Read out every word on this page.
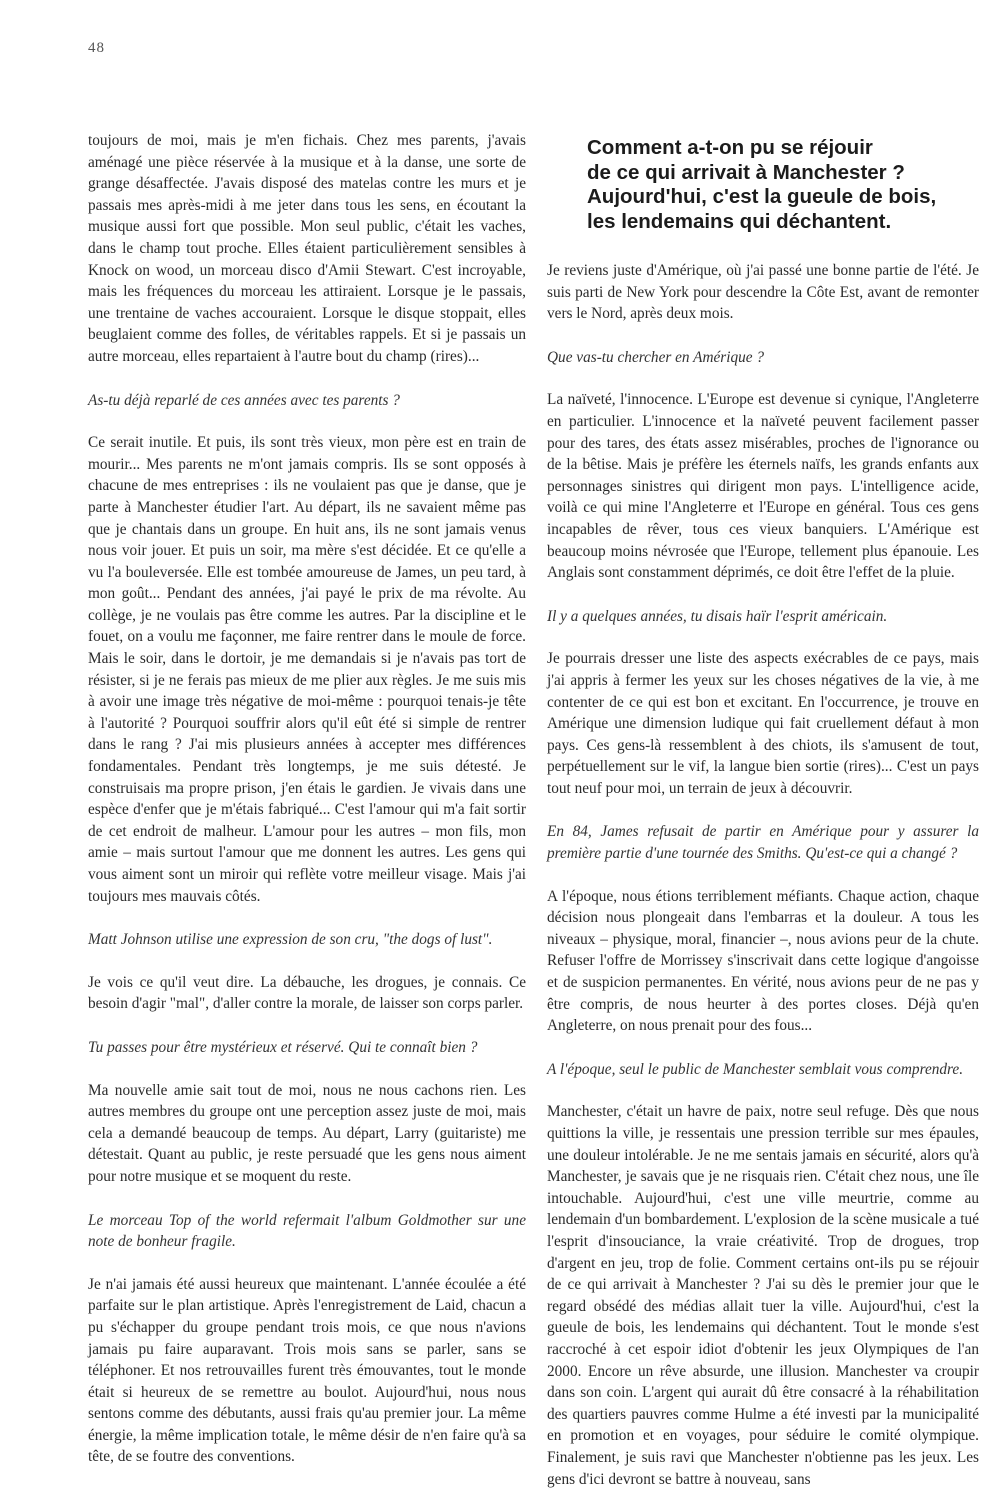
48

toujours de moi, mais je m'en fichais. Chez mes parents, j'avais aménagé une pièce réservée à la musique et à la danse, une sorte de grange désaffectée. J'avais disposé des matelas contre les murs et je passais mes après-midi à me jeter dans tous les sens, en écoutant la musique aussi fort que possible. Mon seul public, c'était les vaches, dans le champ tout proche. Elles étaient particulièrement sensibles à Knock on wood, un morceau disco d'Amii Stewart. C'est incroyable, mais les fréquences du morceau les attiraient. Lorsque je le passais, une trentaine de vaches accouraient. Lorsque le disque stoppait, elles beuglaient comme des folles, de véritables rappels. Et si je passais un autre morceau, elles repartaient à l'autre bout du champ (rires)...

As-tu déjà reparlé de ces années avec tes parents ?

Ce serait inutile. Et puis, ils sont très vieux, mon père est en train de mourir... Mes parents ne m'ont jamais compris. Ils se sont opposés à chacune de mes entreprises : ils ne voulaient pas que je danse, que je parte à Manchester étudier l'art. Au départ, ils ne savaient même pas que je chantais dans un groupe. En huit ans, ils ne sont jamais venus nous voir jouer. Et puis un soir, ma mère s'est décidée. Et ce qu'elle a vu l'a bouleversée. Elle est tombée amoureuse de James, un peu tard, à mon goût... Pendant des années, j'ai payé le prix de ma révolte. Au collège, je ne voulais pas être comme les autres. Par la discipline et le fouet, on a voulu me façonner, me faire rentrer dans le moule de force. Mais le soir, dans le dortoir, je me demandais si je n'avais pas tort de résister, si je ne ferais pas mieux de me plier aux règles. Je me suis mis à avoir une image très négative de moi-même : pourquoi tenais-je tête à l'autorité ? Pourquoi souffrir alors qu'il eût été si simple de rentrer dans le rang ? J'ai mis plusieurs années à accepter mes différences fondamentales. Pendant très longtemps, je me suis détesté. Je construisais ma propre prison, j'en étais le gardien. Je vivais dans une espèce d'enfer que je m'étais fabriqué... C'est l'amour qui m'a fait sortir de cet endroit de malheur. L'amour pour les autres – mon fils, mon amie – mais surtout l'amour que me donnent les autres. Les gens qui vous aiment sont un miroir qui reflète votre meilleur visage. Mais j'ai toujours mes mauvais côtés.

Matt Johnson utilise une expression de son cru, "the dogs of lust".

Je vois ce qu'il veut dire. La débauche, les drogues, je connais. Ce besoin d'agir "mal", d'aller contre la morale, de laisser son corps parler.

Tu passes pour être mystérieux et réservé. Qui te connaît bien ?

Ma nouvelle amie sait tout de moi, nous ne nous cachons rien. Les autres membres du groupe ont une perception assez juste de moi, mais cela a demandé beaucoup de temps. Au départ, Larry (guitariste) me détestait. Quant au public, je reste persuadé que les gens nous aiment pour notre musique et se moquent du reste.

Le morceau Top of the world refermait l'album Goldmother sur une note de bonheur fragile.

Je n'ai jamais été aussi heureux que maintenant. L'année écoulée a été parfaite sur le plan artistique. Après l'enregistrement de Laid, chacun a pu s'échapper du groupe pendant trois mois, ce que nous n'avions jamais pu faire auparavant. Trois mois sans se parler, sans se téléphoner. Et nos retrouvailles furent très émouvantes, tout le monde était si heureux de se remettre au boulot. Aujourd'hui, nous nous sentons comme des débutants, aussi frais qu'au premier jour. La même énergie, la même implication totale, le même désir de n'en faire qu'à sa tête, de se foutre des conventions.

Comment a-t-on pu se réjouir
de ce qui arrivait à Manchester ?
Aujourd'hui, c'est la gueule de bois,
les lendemains qui déchantent.

Je reviens juste d'Amérique, où j'ai passé une bonne partie de l'été. Je suis parti de New York pour descendre la Côte Est, avant de remonter vers le Nord, après deux mois.

Que vas-tu chercher en Amérique ?

La naïveté, l'innocence. L'Europe est devenue si cynique, l'Angleterre en particulier. L'innocence et la naïveté peuvent facilement passer pour des tares, des états assez misérables, proches de l'ignorance ou de la bêtise. Mais je préfère les éternels naïfs, les grands enfants aux personnages sinistres qui dirigent mon pays. L'intelligence acide, voilà ce qui mine l'Angleterre et l'Europe en général. Tous ces gens incapables de rêver, tous ces vieux banquiers. L'Amérique est beaucoup moins névrosée que l'Europe, tellement plus épanouie. Les Anglais sont constamment déprimés, ce doit être l'effet de la pluie.

Il y a quelques années, tu disais haïr l'esprit américain.

Je pourrais dresser une liste des aspects exécrables de ce pays, mais j'ai appris à fermer les yeux sur les choses négatives de la vie, à me contenter de ce qui est bon et excitant. En l'occurrence, je trouve en Amérique une dimension ludique qui fait cruellement défaut à mon pays. Ces gens-là ressemblent à des chiots, ils s'amusent de tout, perpétuellement sur le vif, la langue bien sortie (rires)... C'est un pays tout neuf pour moi, un terrain de jeux à découvrir.

En 84, James refusait de partir en Amérique pour y assurer la première partie d'une tournée des Smiths. Qu'est-ce qui a changé ?

A l'époque, nous étions terriblement méfiants. Chaque action, chaque décision nous plongeait dans l'embarras et la douleur. A tous les niveaux – physique, moral, financier –, nous avions peur de la chute. Refuser l'offre de Morrissey s'inscrivait dans cette logique d'angoisse et de suspicion permanentes. En vérité, nous avions peur de ne pas y être compris, de nous heurter à des portes closes. Déjà qu'en Angleterre, on nous prenait pour des fous...

A l'époque, seul le public de Manchester semblait vous comprendre.

Manchester, c'était un havre de paix, notre seul refuge. Dès que nous quittions la ville, je ressentais une pression terrible sur mes épaules, une douleur intolérable. Je ne me sentais jamais en sécurité, alors qu'à Manchester, je savais que je ne risquais rien. C'était chez nous, une île intouchable. Aujourd'hui, c'est une ville meurtrie, comme au lendemain d'un bombardement. L'explosion de la scène musicale a tué l'esprit d'insouciance, la vraie créativité. Trop de drogues, trop d'argent en jeu, trop de folie. Comment certains ont-ils pu se réjouir de ce qui arrivait à Manchester ? J'ai su dès le premier jour que le regard obsédé des médias allait tuer la ville. Aujourd'hui, c'est la gueule de bois, les lendemains qui déchantent. Tout le monde s'est raccroché à cet espoir idiot d'obtenir les jeux Olympiques de l'an 2000. Encore un rêve absurde, une illusion. Manchester va croupir dans son coin. L'argent qui aurait dû être consacré à la réhabilitation des quartiers pauvres comme Hulme a été investi par la municipalité en promotion et en voyages, pour séduire le comité olympique. Finalement, je suis ravi que Manchester n'obtienne pas les jeux. Les gens d'ici devront se battre à nouveau, sans
